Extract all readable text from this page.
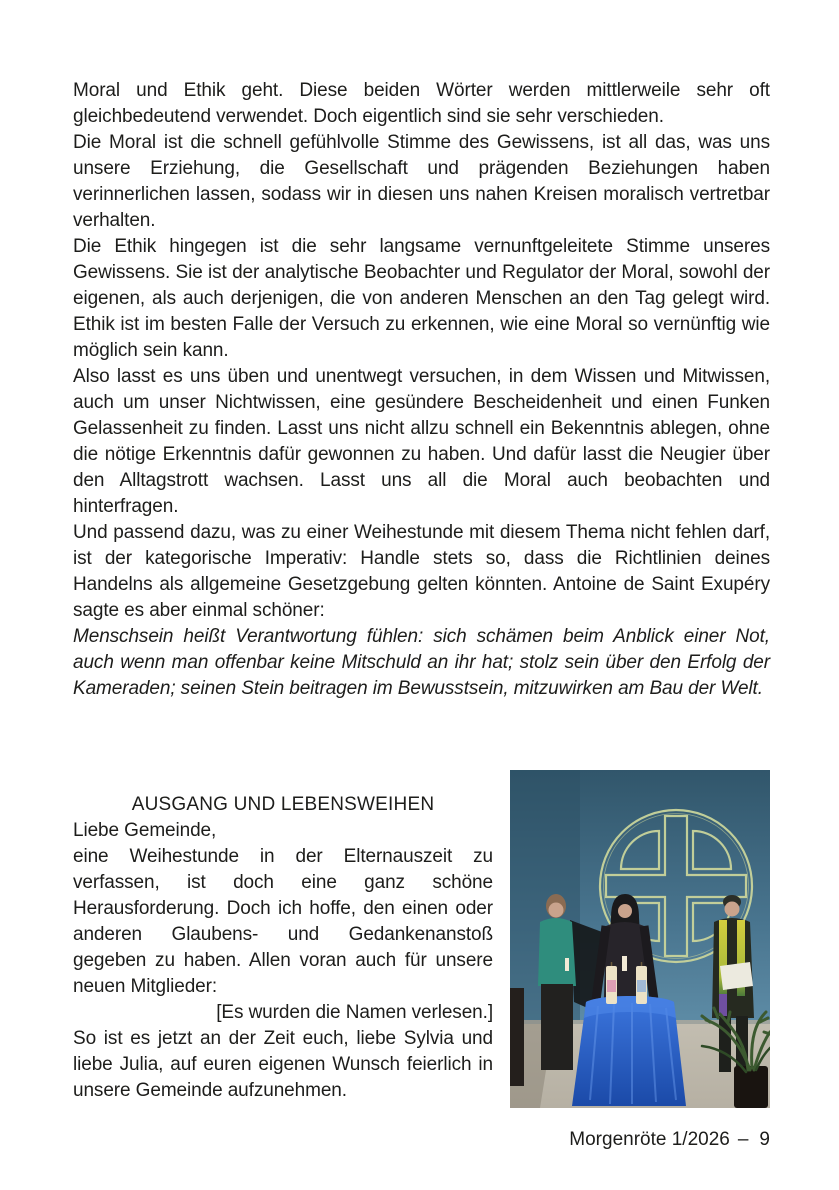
Moral und Ethik geht. Diese beiden Wörter werden mittlerweile sehr oft gleichbedeutend verwendet. Doch eigentlich sind sie sehr verschieden.

Die Moral ist die schnell gefühlvolle Stimme des Gewissens, ist all das, was uns unsere Erziehung, die Gesellschaft und prägenden Beziehungen haben verinnerlichen lassen, sodass wir in diesen uns nahen Kreisen moralisch vertretbar verhalten.

Die Ethik hingegen ist die sehr langsame vernunftgeleitete Stimme unseres Gewissens. Sie ist der analytische Beobachter und Regulator der Moral, sowohl der eigenen, als auch derjenigen, die von anderen Menschen an den Tag gelegt wird. Ethik ist im besten Falle der Versuch zu erkennen, wie eine Moral so vernünftig wie möglich sein kann.

Also lasst es uns üben und unentwegt versuchen, in dem Wissen und Mitwissen, auch um unser Nichtwissen, eine gesündere Bescheidenheit und einen Funken Gelassenheit zu finden. Lasst uns nicht allzu schnell ein Bekenntnis ablegen, ohne die nötige Erkenntnis dafür gewonnen zu haben. Und dafür lasst die Neugier über den Alltagstrott wachsen. Lasst uns all die Moral auch beobachten und hinterfragen.

Und passend dazu, was zu einer Weihestunde mit diesem Thema nicht fehlen darf, ist der kategorische Imperativ: Handle stets so, dass die Richtlinien deines Handelns als allgemeine Gesetzgebung gelten könnten. Antoine de Saint Exupéry sagte es aber einmal schöner:

Menschsein heißt Verantwortung fühlen: sich schämen beim Anblick einer Not, auch wenn man offenbar keine Mitschuld an ihr hat; stolz sein über den Erfolg der Kameraden; seinen Stein beitragen im Bewusstsein, mitzuwirken am Bau der Welt.

AUSGANG UND LEBENSWEIHEN

Liebe Gemeinde,

eine Weihestunde in der Elternauszeit zu verfassen, ist doch eine ganz schöne Herausforderung. Doch ich hoffe, den einen oder anderen Glaubens- und Gedankenanstoß gegeben zu haben. Allen voran auch für unsere neuen Mitglieder:

[Es wurden die Namen verlesen.]

So ist es jetzt an der Zeit euch, liebe Sylvia und liebe Julia, auf euren eigenen Wunsch feierlich in unsere Gemeinde aufzunehmen.

Morgenröte 1/2026 – 9
